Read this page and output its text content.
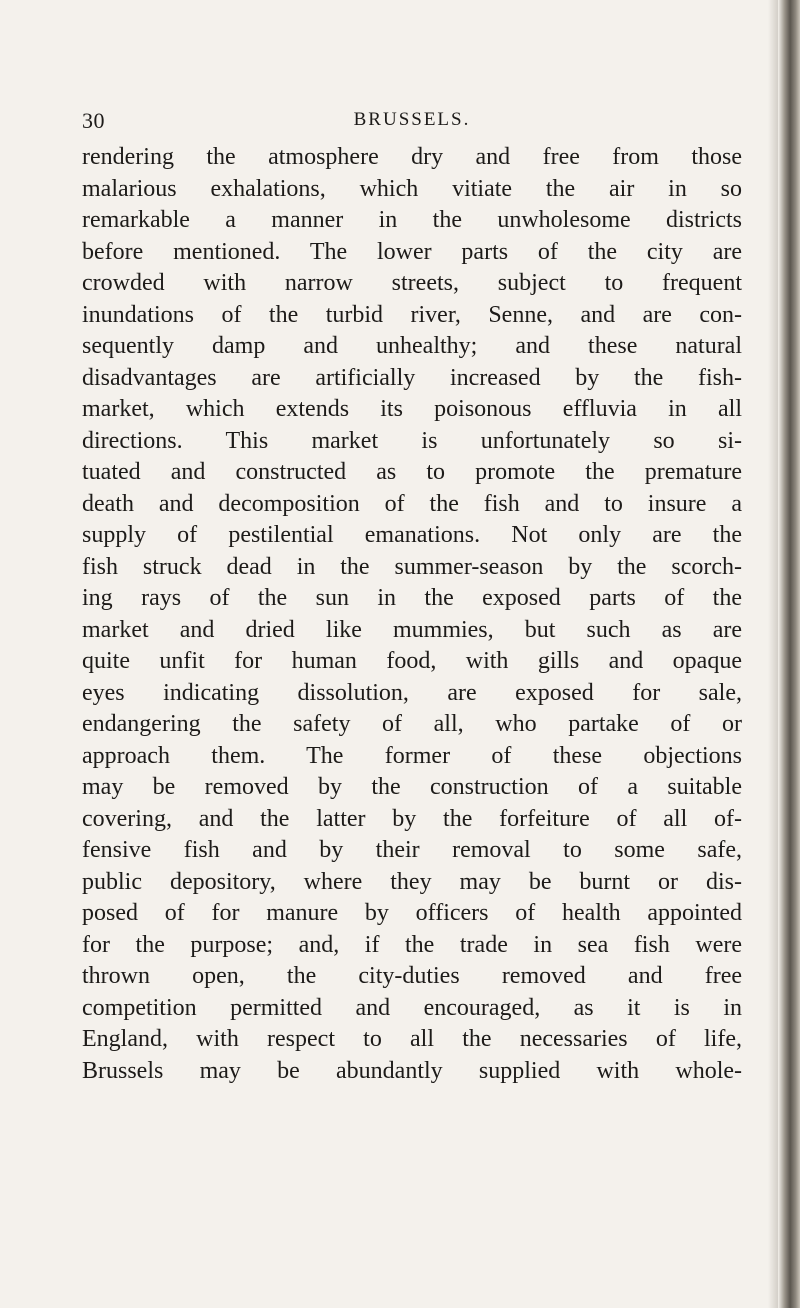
30	BRUSSELS.
rendering the atmosphere dry and free from those
malarious exhalations, which vitiate the air in so
remarkable a manner in the unwholesome districts
before mentioned. The lower parts of the city are
crowded with narrow streets, subject to frequent
inundations of the turbid river, Senne, and are con-
sequently damp and unhealthy; and these natural
disadvantages are artificially increased by the fish-
market, which extends its poisonous effluvia in all
directions. This market is unfortunately so si-
tuated and constructed as to promote the premature
death and decomposition of the fish and to insure a
supply of pestilential emanations. Not only are the
fish struck dead in the summer-season by the scorch-
ing rays of the sun in the exposed parts of the
market and dried like mummies, but such as are
quite unfit for human food, with gills and opaque
eyes indicating dissolution, are exposed for sale,
endangering the safety of all, who partake of or
approach them. The former of these objections
may be removed by the construction of a suitable
covering, and the latter by the forfeiture of all of-
fensive fish and by their removal to some safe,
public depository, where they may be burnt or dis-
posed of for manure by officers of health appointed
for the purpose; and, if the trade in sea fish were
thrown open, the city-duties removed and free
competition permitted and encouraged, as it is in
England, with respect to all the necessaries of life,
Brussels may be abundantly supplied with whole-
